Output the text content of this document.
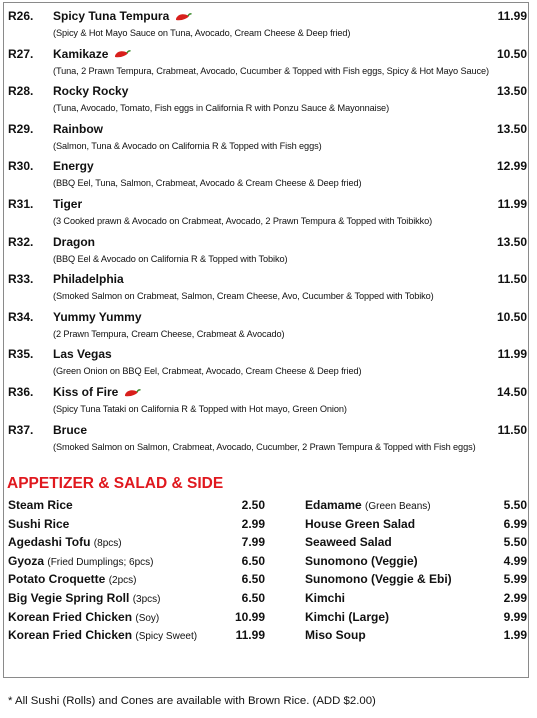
R26. Spicy Tuna Tempura	11.99
(Spicy & Hot Mayo Sauce on Tuna, Avocado, Cream Cheese & Deep fried)
R27. Kamikaze	10.50
(Tuna, 2 Prawn Tempura, Crabmeat, Avocado, Cucumber & Topped with Fish eggs, Spicy & Hot Mayo Sauce)
R28. Rocky Rocky	13.50
(Tuna, Avocado, Tomato, Fish eggs in California R with Ponzu Sauce & Mayonnaise)
R29. Rainbow	13.50
(Salmon, Tuna & Avocado on California R & Topped with Fish eggs)
R30. Energy	12.99
(BBQ Eel, Tuna, Salmon, Crabmeat, Avocado & Cream Cheese & Deep fried)
R31. Tiger	11.99
(3 Cooked prawn & Avocado on Crabmeat, Avocado, 2 Prawn Tempura & Topped with Toibikko)
R32. Dragon	13.50
(BBQ Eel & Avocado on California R & Topped with Tobiko)
R33. Philadelphia	11.50
(Smoked Salmon on Crabmeat, Salmon, Cream Cheese, Avo, Cucumber & Topped with Tobiko)
R34. Yummy Yummy	10.50
(2 Prawn Tempura, Cream Cheese, Crabmeat & Avocado)
R35. Las Vegas	11.99
(Green Onion on BBQ Eel, Crabmeat, Avocado, Cream Cheese & Deep fried)
R36. Kiss of Fire	14.50
(Spicy Tuna Tataki on California R & Topped with Hot mayo, Green Onion)
R37. Bruce	11.50
(Smoked Salmon on Salmon, Crabmeat, Avocado, Cucumber, 2 Prawn Tempura & Topped with Fish eggs)
APPETIZER & SALAD & SIDE
Steam Rice	2.50
Sushi Rice	2.99
Agedashi Tofu (8pcs)	7.99
Gyoza (Fried Dumplings; 6pcs)	6.50
Potato Croquette (2pcs)	6.50
Big Vegie Spring Roll (3pcs)	6.50
Korean Fried Chicken (Soy)	10.99
Korean Fried Chicken (Spicy Sweet)	11.99
Edamame (Green Beans)	5.50
House Green Salad	6.99
Seaweed Salad	5.50
Sunomono (Veggie)	4.99
Sunomono (Veggie & Ebi)	5.99
Kimchi	2.99
Kimchi (Large)	9.99
Miso Soup	1.99
* All Sushi (Rolls) and Cones are available with Brown Rice. (ADD $2.00)
